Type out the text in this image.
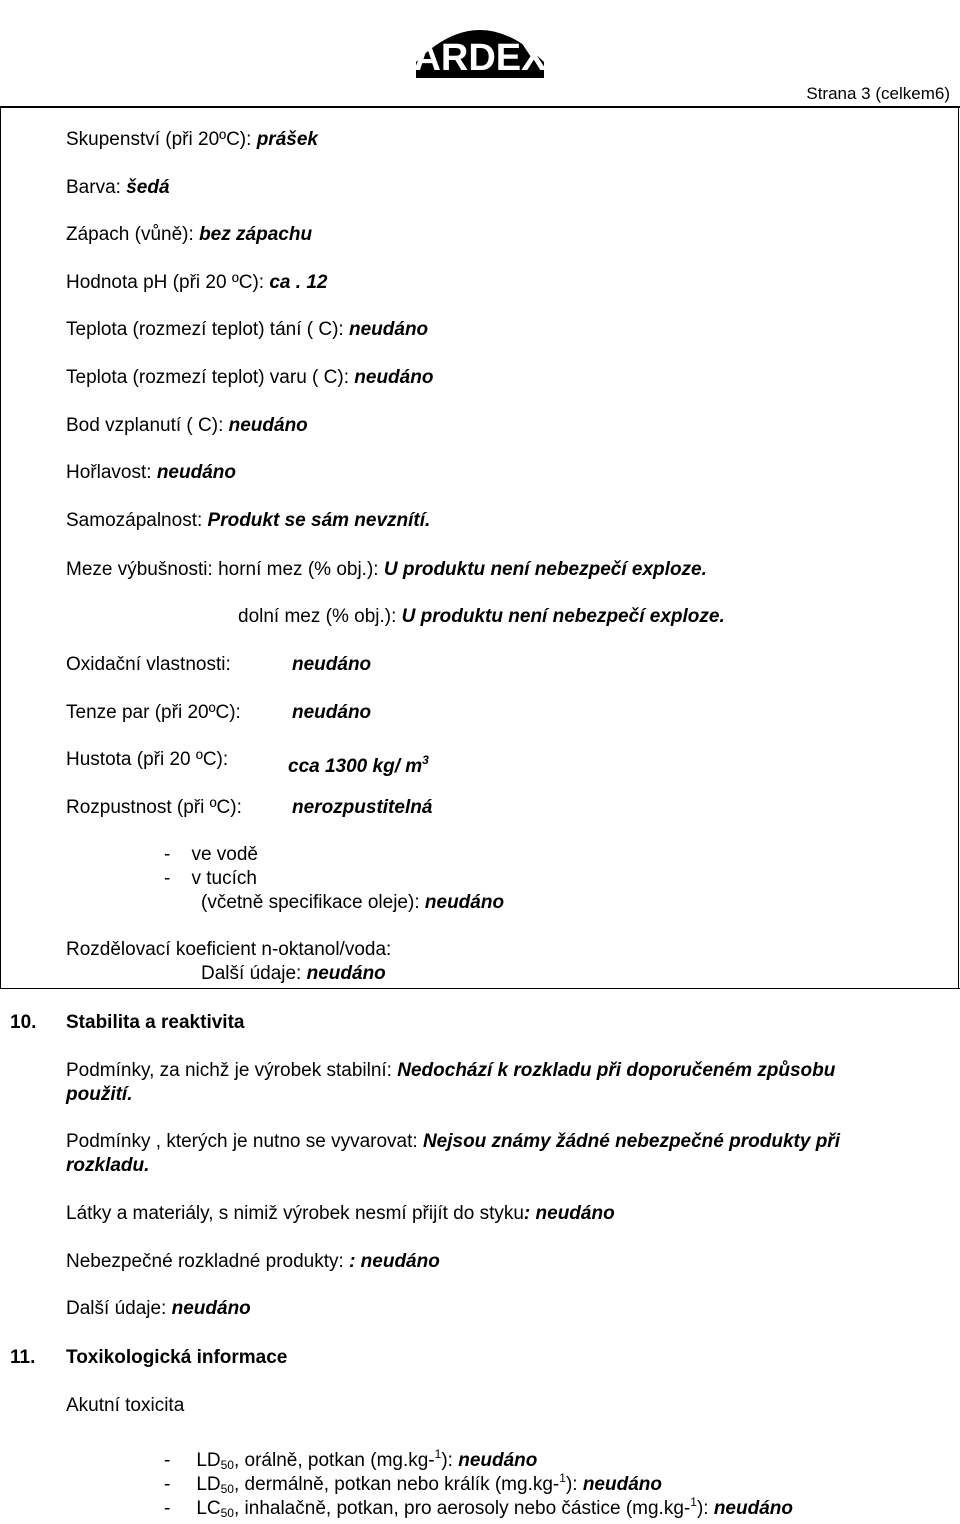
ARDEX
Strana 3 (celkem6)
Skupenství (při 20ºC): prášek
Barva: šedá
Zápach (vůně): bez zápachu
Hodnota pH (při 20 ºC): ca . 12
Teplota (rozmezí teplot) tání ( C): neudáno
Teplota (rozmezí teplot) varu ( C): neudáno
Bod vzplanutí ( C): neudáno
Hořlavost: neudáno
Samozápalnost: Produkt se sám nevznítí.
Meze výbušnosti: horní mez (% obj.): U produktu není nebezpečí exploze.
dolní mez (% obj.): U produktu není nebezpečí exploze.
Oxidační vlastnosti:	neudáno
Tenze par (při 20ºC):	neudáno
Hustota (při 20 ºC):	cca 1300 kg/ $m^3$
Rozpustnost (při ºC):	nerozpustitelná
-    ve vodě
-    v tucích
(včetně specifikace oleje): neudáno
Rozdělovací koeficient n-oktanol/voda:
Další údaje: neudáno
10. Stabilita a reaktivita
Podmínky, za nichž je výrobek stabilní: Nedochází k rozkladu při doporučeném způsobu
použití.
Podmínky , kterých je nutno se vyvarovat: Nejsou známy žádné nebezpečné produkty při
rozkladu.
Látky a materiály, s nimiž výrobek nesmí přijít do styku: neudáno
Nebezpečné rozkladné produkty: : neudáno
Další údaje: neudáno
11. Toxikologická informace
Akutní toxicita
- $LD_{50}$, orálně, potkan (mg.kg-$^1$): neudáno
- $LD_{50}$, dermálně, potkan nebo králík (mg.kg-$^1$): neudáno
- $LC_{50}$, inhalačně, potkan, pro aerosoly nebo částice (mg.kg-$^1$): neudáno
